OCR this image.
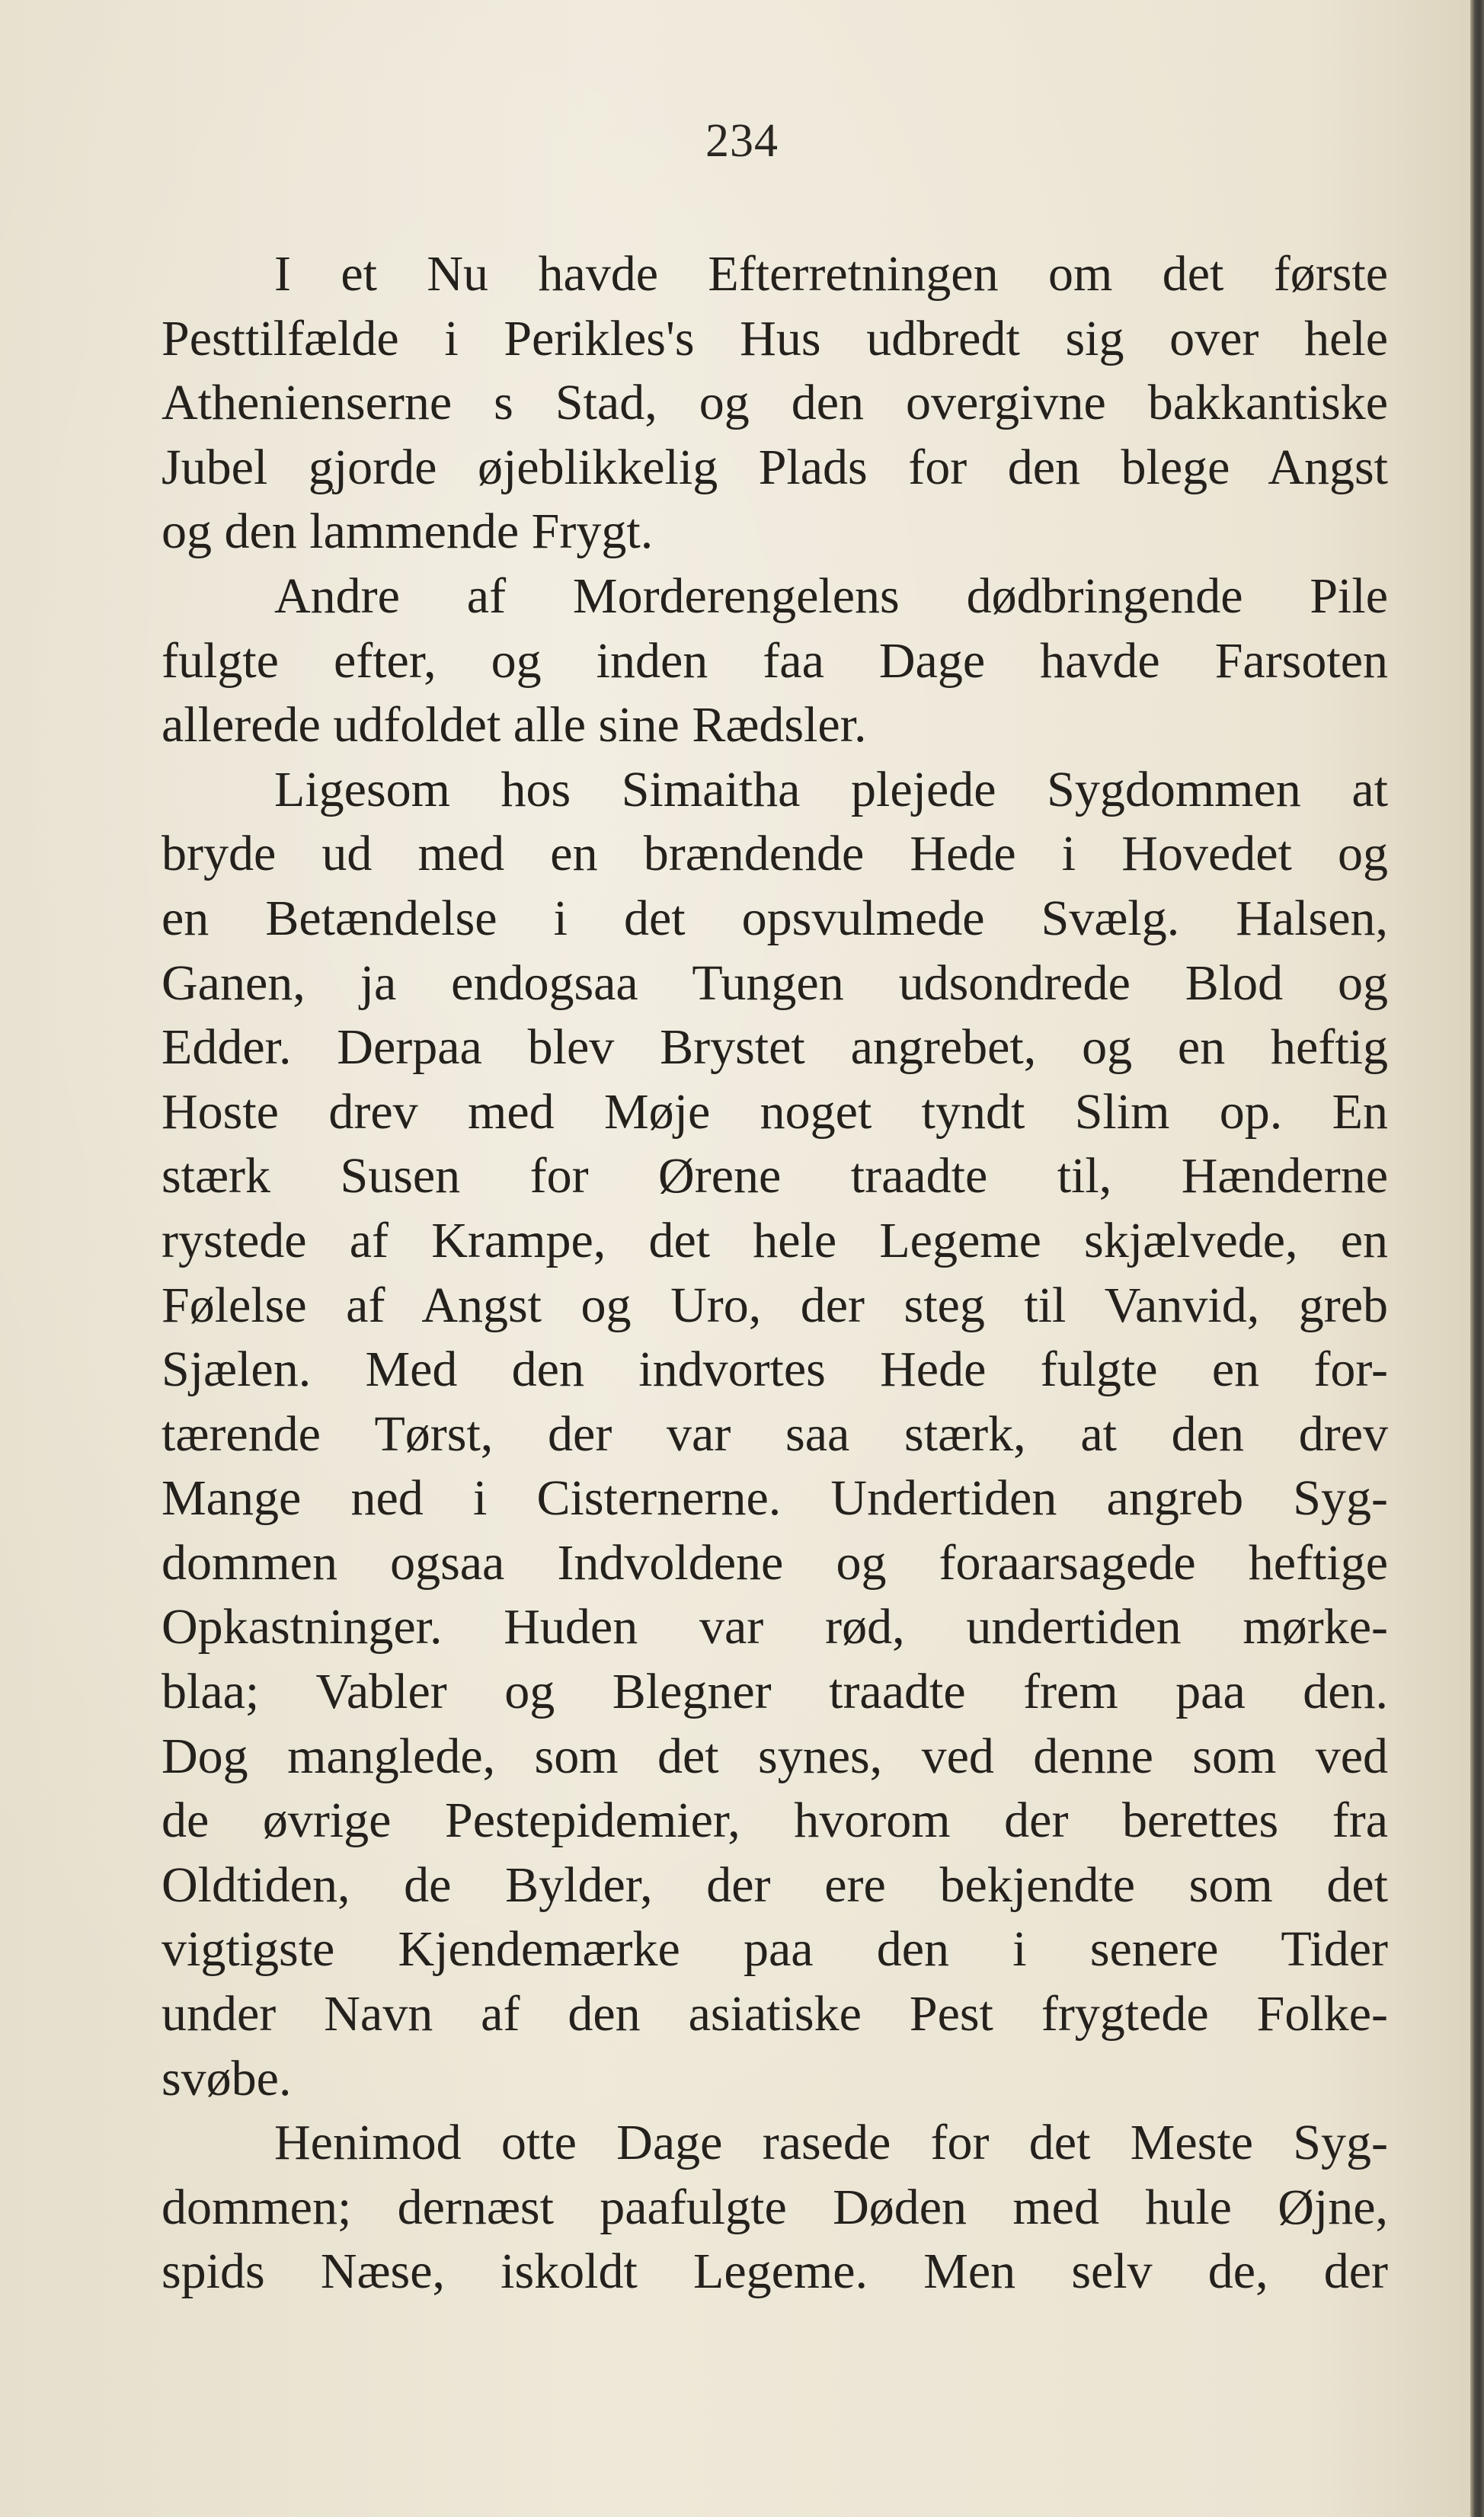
234
I et Nu havde Efterretningen om det første
Pesttilfælde i Perikles's Hus udbredt sig over hele
Athenienserne s Stad, og den overgivne bakkantiske
Jubel gjorde øjeblikkelig Plads for den blege Angst
og den lammende Frygt.
Andre af Morderengelens dødbringende Pile
fulgte efter, og inden faa Dage havde Farsoten
allerede udfoldet alle sine Rædsler.
Ligesom hos Simaitha plejede Sygdommen at
bryde ud med en brændende Hede i Hovedet og
en Betændelse i det opsvulmede Svælg. Halsen,
Ganen, ja endogsaa Tungen udsondrede Blod og
Edder. Derpaa blev Brystet angrebet, og en heftig
Hoste drev med Møje noget tyndt Slim op. En
stærk Susen for Ørene traadte til, Hænderne
rystede af Krampe, det hele Legeme skjælvede, en
Følelse af Angst og Uro, der steg til Vanvid, greb
Sjælen. Med den indvortes Hede fulgte en for-
tærende Tørst, der var saa stærk, at den drev
Mange ned i Cisternerne. Undertiden angreb Syg-
dommen ogsaa Indvoldene og foraarsagede heftige
Opkastninger. Huden var rød, undertiden mørke-
blaa; Vabler og Blegner traadte frem paa den.
Dog manglede, som det synes, ved denne som ved
de øvrige Pestepidemier, hvorom der berettes fra
Oldtiden, de Bylder, der ere bekjendte som det
vigtigste Kjendemærke paa den i senere Tider
under Navn af den asiatiske Pest frygtede Folke-
svøbe.
Henimod otte Dage rasede for det Meste Syg-
dommen; dernæst paafulgte Døden med hule Øjne,
spids Næse, iskoldt Legeme. Men selv de, der
